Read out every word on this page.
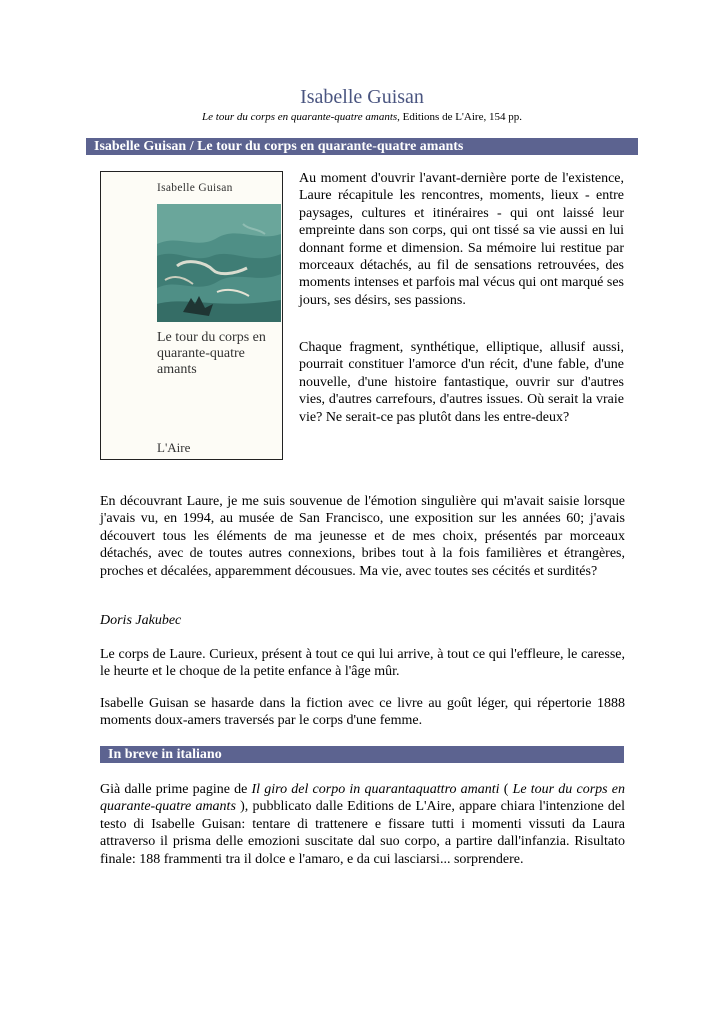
Isabelle Guisan
Le tour du corps en quarante-quatre amants, Editions de L'Aire, 154 pp.
Isabelle Guisan / Le tour du corps en quarante-quatre amants
Isabelle Guisan
Le tour du corps en quarante-quatre amants
L'Aire

Au moment d'ouvrir l'avant-dernière porte de l'existence, Laure récapitule les rencontres, moments, lieux - entre paysages, cultures et itinéraires - qui ont laissé leur empreinte dans son corps, qui ont tissé sa vie aussi en lui donnant forme et dimension. Sa mémoire lui restitue par morceaux détachés, au fil de sensations retrouvées, des moments intenses et parfois mal vécus qui ont marqué ses jours, ses désirs, ses passions.

Chaque fragment, synthétique, elliptique, allusif aussi, pourrait constituer l'amorce d'un récit, d'une fable, d'une nouvelle, d'une histoire fantastique, ouvrir sur d'autres vies, d'autres carrefours, d'autres issues. Où serait la vraie vie? Ne serait-ce pas plutôt dans les entre-deux?

En découvrant Laure, je me suis souvenue de l'émotion singulière qui m'avait saisie lorsque j'avais vu, en 1994, au musée de San Francisco, une exposition sur les années 60; j'avais découvert tous les éléments de ma jeunesse et de mes choix, présentés par morceaux détachés, avec de toutes autres connexions, bribes tout à la fois familières et étrangères, proches et décalées, apparemment décousues. Ma vie, avec toutes ses cécités et surdités?

Doris Jakubec

Le corps de Laure. Curieux, présent à tout ce qui lui arrive, à tout ce qui l'effleure, le caresse, le heurte et le choque de la petite enfance à l'âge mûr.

Isabelle Guisan se hasarde dans la fiction avec ce livre au goût léger, qui répertorie 1888 moments doux-amers traversés par le corps d'une femme.

In breve in italiano

Già dalle prime pagine de Il giro del corpo in quarantaquattro amanti ( Le tour du corps en quarante-quatre amants ), pubblicato dalle Editions de L'Aire, appare chiara l'intenzione del testo di Isabelle Guisan: tentare di trattenere e fissare tutti i momenti vissuti da Laura attraverso il prisma delle emozioni suscitate dal suo corpo, a partire dall'infanzia. Risultato finale: 188 frammenti tra il dolce e l'amaro, e da cui lasciarsi... sorprendere.
